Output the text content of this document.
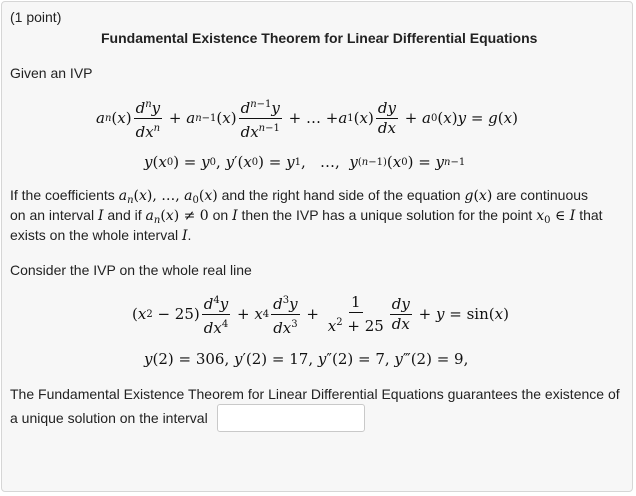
(1 point)
Fundamental Existence Theorem for Linear Differential Equations
Given an IVP
a n ( x ) $\frac{d^ny}{dx^n} + a$ n−1 ( x ) $\frac{d^{n-1}y}{dx^{n-1}}$ + … + a 1 ( x ) $\frac{dy}{dx} + a$ 0 ( x ) y = g ( x )
y ( x 0 ) = y 0 , y ′( x 0 ) = y 1 ,   …, y (n−1) ( x 0 ) = y n−1
If the coefficients $a_n(x)$, …, $a_0(x)$ and the right hand side of the equation g(x) are continuous
on an interval I and if $a_n(x) \ne 0$ on I then the IVP has a unique solution for the point $x_0$ ∈ I that
exists on the whole interval I.
Consider the IVP on the whole real line
( x $2 - 25) \frac{d^4y}{dx^4} + x$ $4 \frac{d^3y}{dx^3} + \frac{1}{x^2 + 25} \frac{dy}{dx} + y = \sin$( x )
y (2) = 306, y ′(2) = 17, y ″(2) = 7, y ‴(2) = 9,
The Fundamental Existence Theorem for Linear Differential Equations guarantees the existence of
a unique solution on the interval
